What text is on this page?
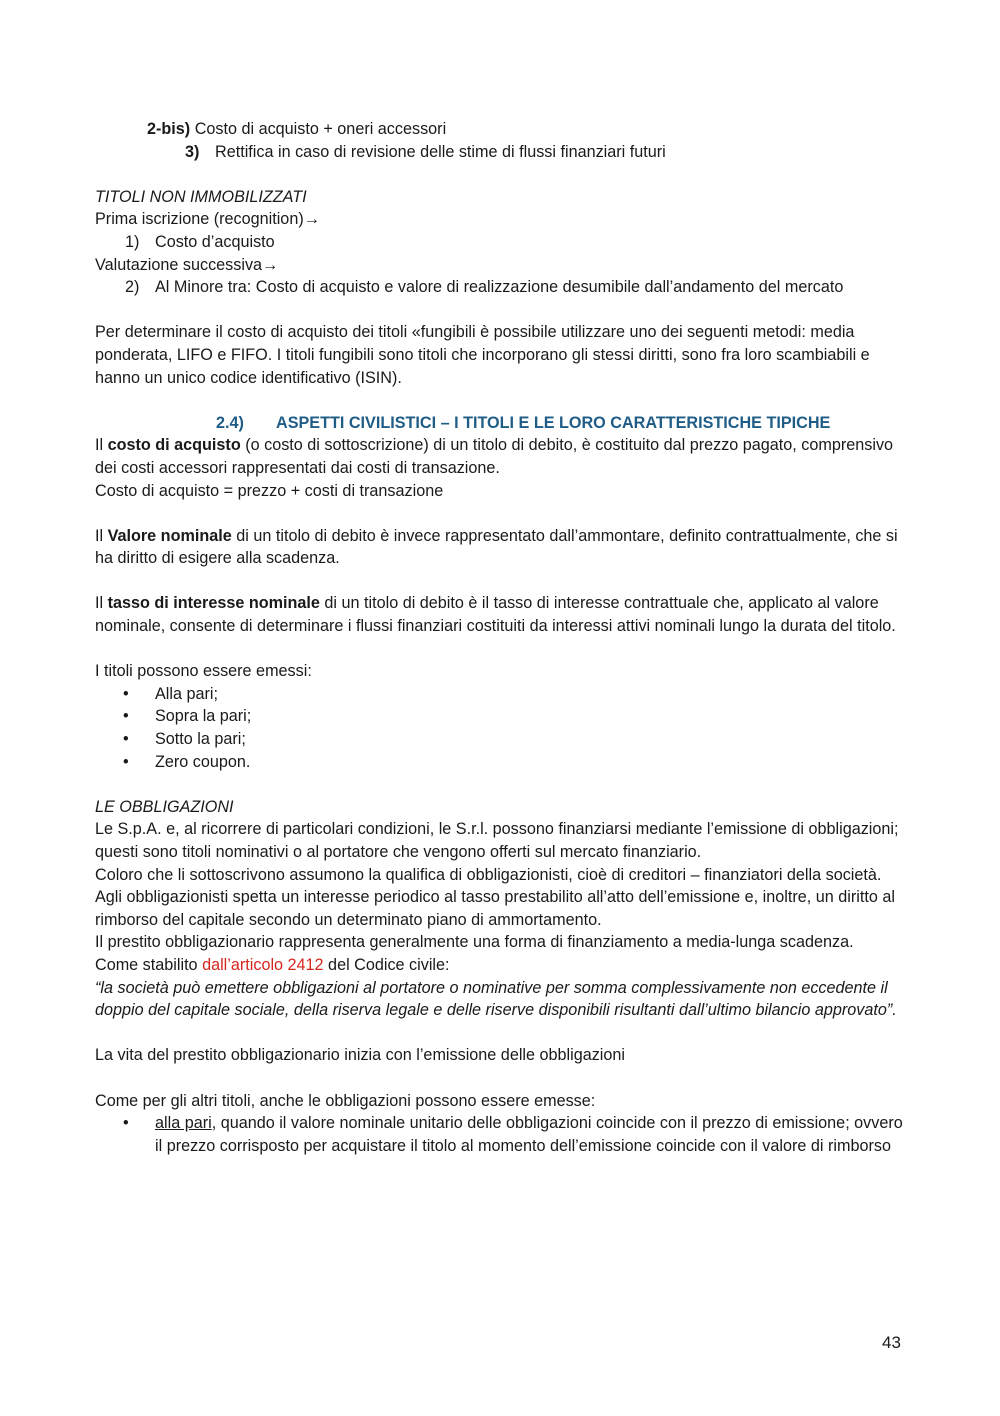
2-bis) Costo di acquisto + oneri accessori

3) Rettifica in caso di revisione delle stime di flussi finanziari futuri

TITOLI NON IMMOBILIZZATI

Prima iscrizione (recognition)→

1) Costo d’acquisto

Valutazione successiva→

2) Al Minore tra: Costo di acquisto e valore di realizzazione desumibile dall’andamento del mercato

Per determinare il costo di acquisto dei titoli «fungibili è possibile utilizzare uno dei seguenti metodi: media ponderata, LIFO e FIFO. I titoli fungibili sono titoli che incorporano gli stessi diritti, sono fra loro scambiabili e hanno un unico codice identificativo (ISIN).

2.4) ASPETTI CIVILISTICI – I TITOLI E LE LORO CARATTERISTICHE TIPICHE

Il costo di acquisto (o costo di sottoscrizione) di un titolo di debito, è costituito dal prezzo pagato, comprensivo dei costi accessori rappresentati dai costi di transazione.

Costo di acquisto = prezzo + costi di transazione

Il Valore nominale di un titolo di debito è invece rappresentato dall’ammontare, definito contrattualmente, che si ha diritto di esigere alla scadenza.

Il tasso di interesse nominale di un titolo di debito è il tasso di interesse contrattuale che, applicato al valore nominale, consente di determinare i flussi finanziari costituiti da interessi attivi nominali lungo la durata del titolo.

I titoli possono essere emessi:

• Alla pari;
• Sopra la pari;
• Sotto la pari;
• Zero coupon.

LE OBBLIGAZIONI

Le S.p.A. e, al ricorrere di particolari condizioni, le S.r.l. possono finanziarsi mediante l’emissione di obbligazioni; questi sono titoli nominativi o al portatore che vengono offerti sul mercato finanziario.

Coloro che li sottoscrivono assumono la qualifica di obbligazionisti, cioè di creditori – finanziatori della società.

Agli obbligazionisti spetta un interesse periodico al tasso prestabilito all’atto dell’emissione e, inoltre, un diritto al rimborso del capitale secondo un determinato piano di ammortamento.

Il prestito obbligazionario rappresenta generalmente una forma di finanziamento a media-lunga scadenza.

Come stabilito dall’articolo 2412 del Codice civile:

“la società può emettere obbligazioni al portatore o nominative per somma complessivamente non eccedente il doppio del capitale sociale, della riserva legale e delle riserve disponibili risultanti dall’ultimo bilancio approvato”.

La vita del prestito obbligazionario inizia con l’emissione delle obbligazioni

Come per gli altri titoli, anche le obbligazioni possono essere emesse:

• alla pari, quando il valore nominale unitario delle obbligazioni coincide con il prezzo di emissione; ovvero il prezzo corrisposto per acquistare il titolo al momento dell’emissione coincide con il valore di rimborso
43
